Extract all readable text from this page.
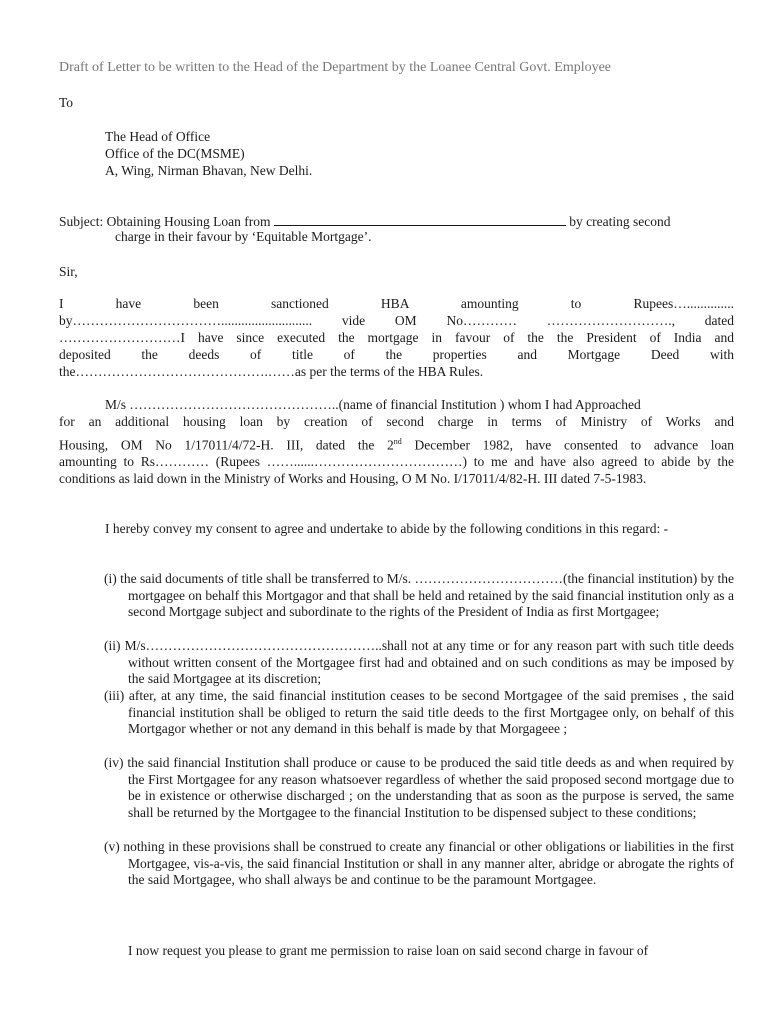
Draft of Letter to be written to the Head of the Department by the Loanee Central Govt. Employee
To
The Head of Office
Office of the DC(MSME)
A, Wing, Nirman Bhavan, New Delhi.
Subject: Obtaining Housing Loan from	by creating second
charge in their favour by ‘Equitable Mortgage’.
Sir,
I have been sanctioned HBA amounting to Rupees…..............
by……………………………........................... vide OM No………… ………………………., dated
………………………I have since executed the mortgage in favour of the the President of India and
deposited the deeds of title of the properties and Mortgage Deed with
the…………………………………….……as per the terms of the HBA Rules.
M/s ………………………………………..(name of financial Institution ) whom I had Approached
for an additional housing loan by creation of second charge in terms of Ministry of Works and
Housing, OM No 1/17011/4/72-H. III, dated the 2nd December 1982, have consented to advance loan
amounting to Rs………… (Rupees ……......……………………………) to me and have also agreed to abide by the conditions as laid down in the Ministry of Works and Housing, O M No. I/17011/4/82-H. III dated 7-5-1983.
I hereby convey my consent to agree and undertake to abide by the following conditions in this regard: -
(i) the said documents of title shall be transferred to M/s. ……………………………(the financial institution) by the mortgagee on behalf this Mortgagor and that shall be held and retained by the said financial institution only as a second Mortgage subject and subordinate to the rights of the President of India as first Mortgagee;
(ii) M/s……………………………………………..shall not at any time or for any reason part with such title deeds without written consent of the Mortgagee first had and obtained and on such conditions as may be imposed by the said Mortgagee at its discretion;
(iii) after, at any time, the said financial institution ceases to be second Mortgagee of the said premises , the said financial institution shall be obliged to return the said title deeds to the first Mortgagee only, on behalf of this Mortgagor whether or not any demand in this behalf is made by that Morgageee ;
(iv) the said financial Institution shall produce or cause to be produced the said title deeds as and when required by the First Mortgagee for any reason whatsoever regardless of whether the said proposed second mortgage due to be in existence or otherwise discharged ; on the understanding that as soon as the purpose is served, the same shall be returned by the Mortgagee to the financial Institution to be dispensed subject to these conditions;
(v) nothing in these provisions shall be construed to create any financial or other obligations or liabilities in the first Mortgagee, vis-a-vis, the said financial Institution or shall in any manner alter, abridge or abrogate the rights of the said Mortgagee, who shall always be and continue to be the paramount Mortgagee.
I now request you please to grant me permission to raise loan on said second charge in favour of
